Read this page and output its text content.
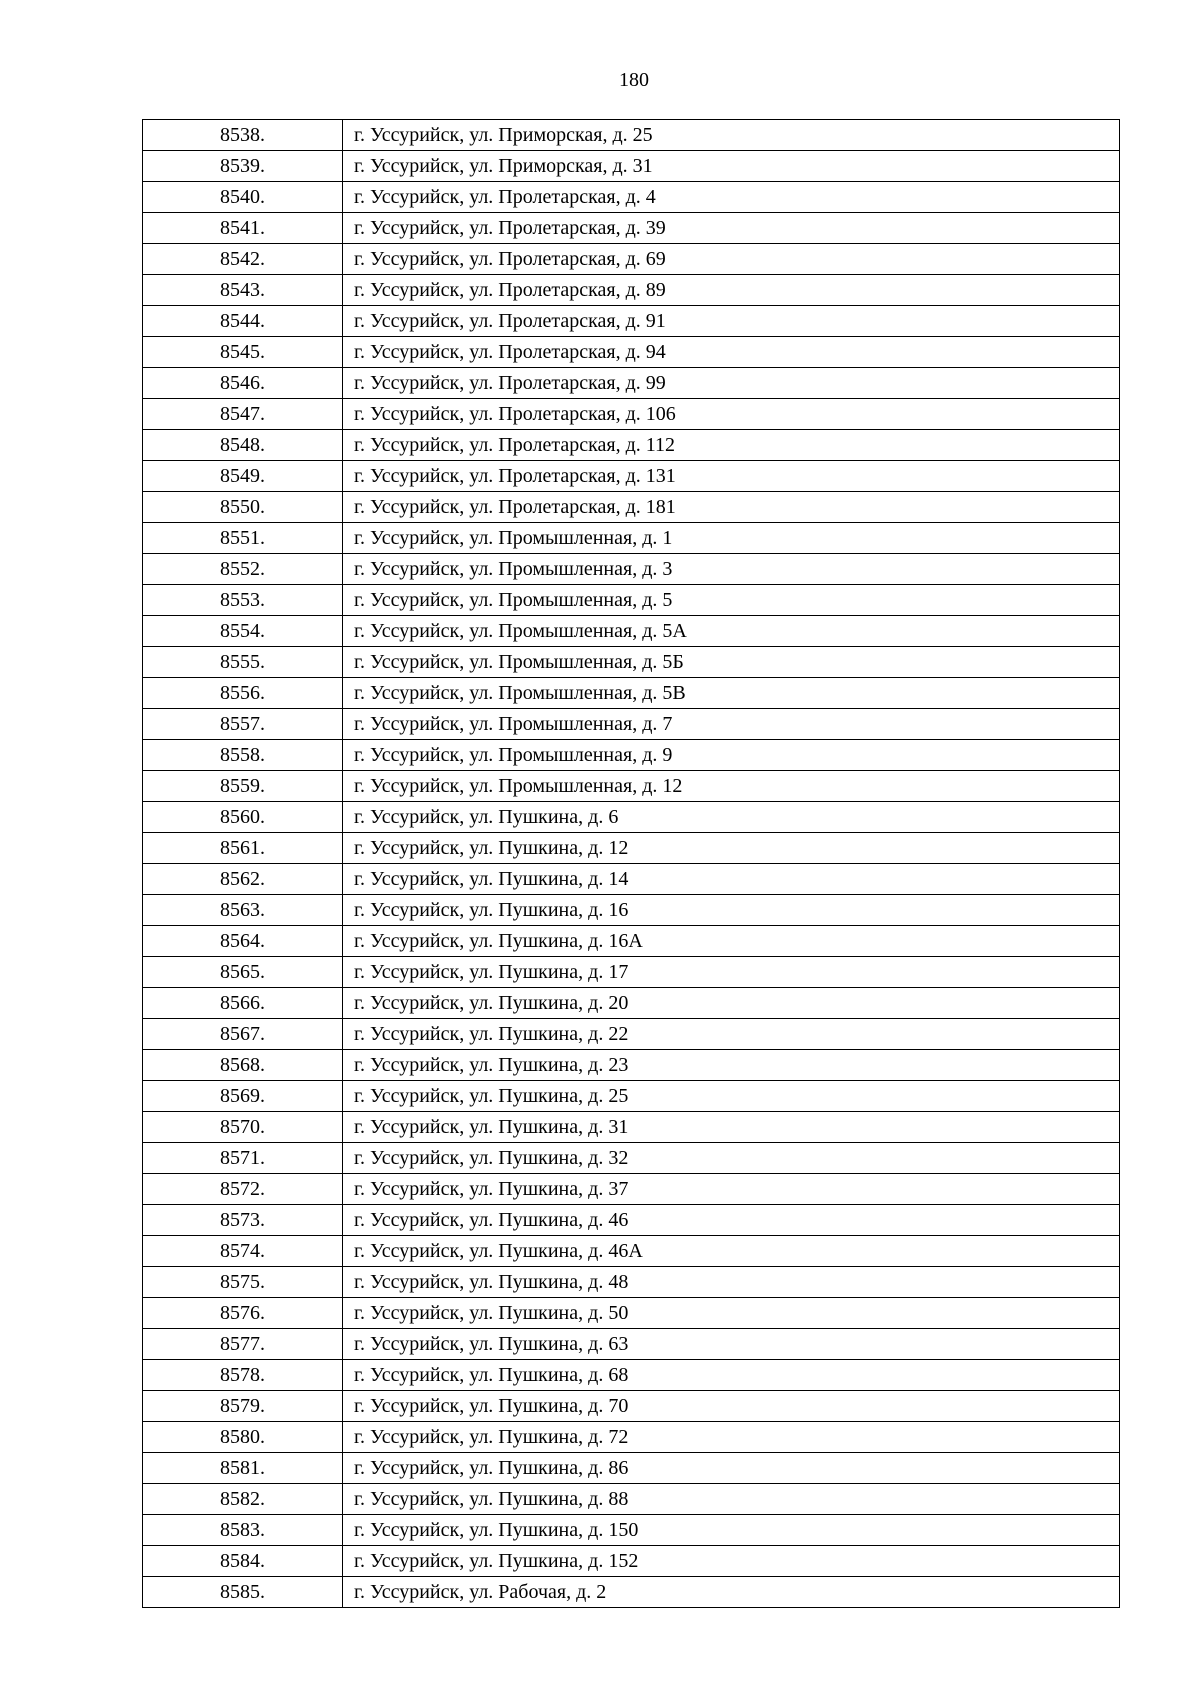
180
8538.	г. Уссурийск, ул. Приморская, д. 25
8539.	г. Уссурийск, ул. Приморская, д. 31
8540.	г. Уссурийск, ул. Пролетарская, д. 4
8541.	г. Уссурийск, ул. Пролетарская, д. 39
8542.	г. Уссурийск, ул. Пролетарская, д. 69
8543.	г. Уссурийск, ул. Пролетарская, д. 89
8544.	г. Уссурийск, ул. Пролетарская, д. 91
8545.	г. Уссурийск, ул. Пролетарская, д. 94
8546.	г. Уссурийск, ул. Пролетарская, д. 99
8547.	г. Уссурийск, ул. Пролетарская, д. 106
8548.	г. Уссурийск, ул. Пролетарская, д. 112
8549.	г. Уссурийск, ул. Пролетарская, д. 131
8550.	г. Уссурийск, ул. Пролетарская, д. 181
8551.	г. Уссурийск, ул. Промышленная, д. 1
8552.	г. Уссурийск, ул. Промышленная, д. 3
8553.	г. Уссурийск, ул. Промышленная, д. 5
8554.	г. Уссурийск, ул. Промышленная, д. 5А
8555.	г. Уссурийск, ул. Промышленная, д. 5Б
8556.	г. Уссурийск, ул. Промышленная, д. 5В
8557.	г. Уссурийск, ул. Промышленная, д. 7
8558.	г. Уссурийск, ул. Промышленная, д. 9
8559.	г. Уссурийск, ул. Промышленная, д. 12
8560.	г. Уссурийск, ул. Пушкина, д. 6
8561.	г. Уссурийск, ул. Пушкина, д. 12
8562.	г. Уссурийск, ул. Пушкина, д. 14
8563.	г. Уссурийск, ул. Пушкина, д. 16
8564.	г. Уссурийск, ул. Пушкина, д. 16А
8565.	г. Уссурийск, ул. Пушкина, д. 17
8566.	г. Уссурийск, ул. Пушкина, д. 20
8567.	г. Уссурийск, ул. Пушкина, д. 22
8568.	г. Уссурийск, ул. Пушкина, д. 23
8569.	г. Уссурийск, ул. Пушкина, д. 25
8570.	г. Уссурийск, ул. Пушкина, д. 31
8571.	г. Уссурийск, ул. Пушкина, д. 32
8572.	г. Уссурийск, ул. Пушкина, д. 37
8573.	г. Уссурийск, ул. Пушкина, д. 46
8574.	г. Уссурийск, ул. Пушкина, д. 46А
8575.	г. Уссурийск, ул. Пушкина, д. 48
8576.	г. Уссурийск, ул. Пушкина, д. 50
8577.	г. Уссурийск, ул. Пушкина, д. 63
8578.	г. Уссурийск, ул. Пушкина, д. 68
8579.	г. Уссурийск, ул. Пушкина, д. 70
8580.	г. Уссурийск, ул. Пушкина, д. 72
8581.	г. Уссурийск, ул. Пушкина, д. 86
8582.	г. Уссурийск, ул. Пушкина, д. 88
8583.	г. Уссурийск, ул. Пушкина, д. 150
8584.	г. Уссурийск, ул. Пушкина, д. 152
8585.	г. Уссурийск, ул. Рабочая, д. 2
